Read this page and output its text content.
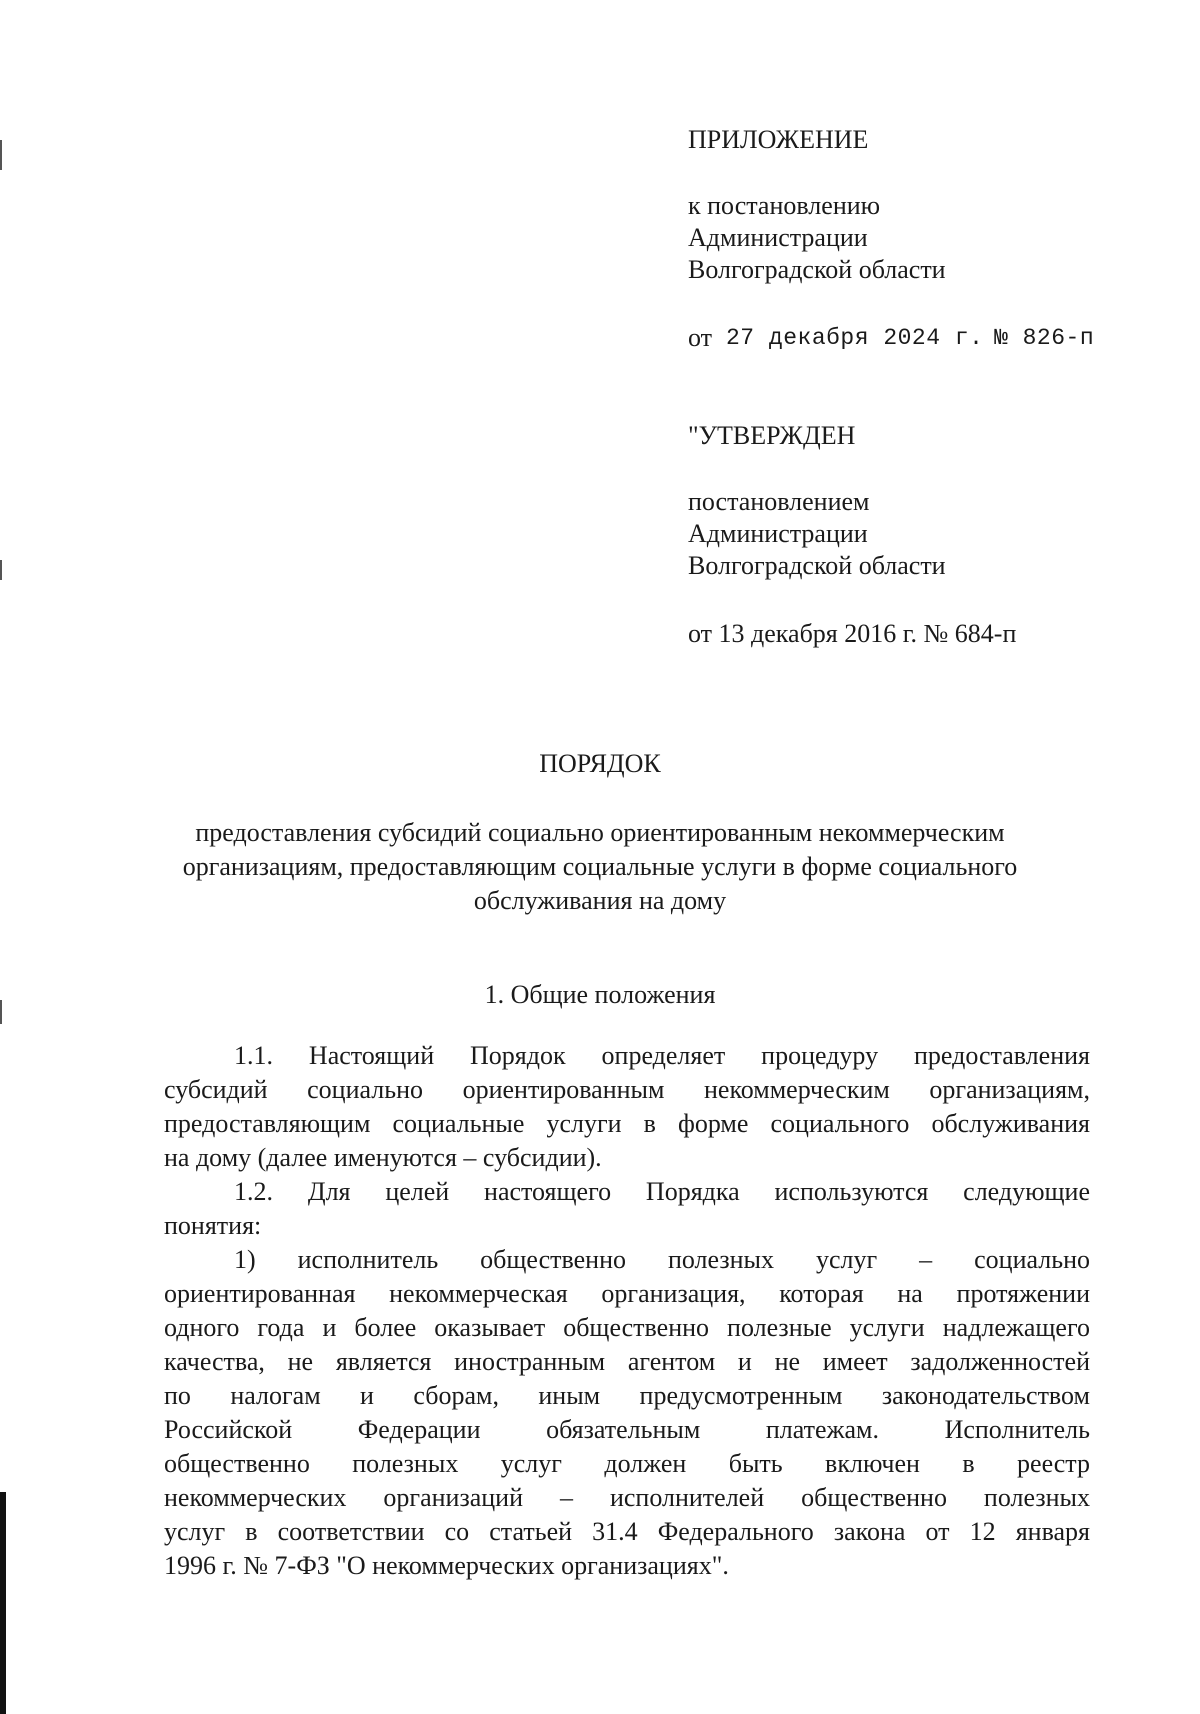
ПРИЛОЖЕНИЕ
к постановлению
Администрации
Волгоградской области
от 27 декабря 2024 г. № 826-п
"УТВЕРЖДЕН
постановлением
Администрации
Волгоградской области
от 13 декабря 2016 г. № 684-п
ПОРЯДОК
предоставления субсидий социально ориентированным некоммерческим
организациям, предоставляющим социальные услуги в форме социального
обслуживания на дому
1. Общие положения
1.1. Настоящий Порядок определяет процедуру предоставления
субсидий социально ориентированным некоммерческим организациям,
предоставляющим социальные услуги в форме социального обслуживания
на дому (далее именуются – субсидии).
1.2. Для целей настоящего Порядка используются следующие
понятия:
1) исполнитель общественно полезных услуг – социально
ориентированная некоммерческая организация, которая на протяжении
одного года и более оказывает общественно полезные услуги надлежащего
качества, не является иностранным агентом и не имеет задолженностей
по налогам и сборам, иным предусмотренным законодательством
Российской Федерации обязательным платежам. Исполнитель
общественно полезных услуг должен быть включен в реестр
некоммерческих организаций – исполнителей общественно полезных
услуг в соответствии со статьей 31.4 Федерального закона от 12 января
1996 г. № 7-ФЗ "О некоммерческих организациях".
